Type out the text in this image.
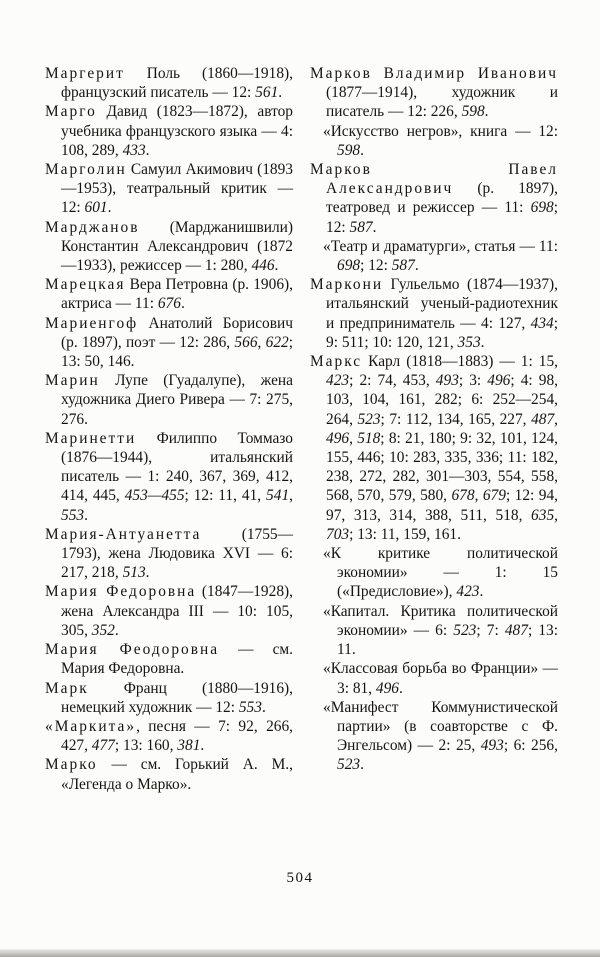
Маргерит Поль (1860—1918), французский писатель — 12: 561.

Марго Давид (1823—1872), автор учебника французского языка — 4: 108, 289, 433.

Марголин Самуил Акимович (1893—1953), театральный критик — 12: 601.

Марджанов (Марджанишвили) Константин Александрович (1872—1933), режиссер — 1: 280, 446.

Марецкая Вера Петровна (р. 1906), актриса — 11: 676.

Мариенгоф Анатолий Борисович (р. 1897), поэт — 12: 286, 566, 622; 13: 50, 146.

Марин Лупе (Гуадалупе), жена художника Диего Ривера — 7: 275, 276.

Маринетти Филиппо Томмазо (1876—1944), итальянский писатель — 1: 240, 367, 369, 412, 414, 445, 453—455; 12: 11, 41, 541, 553.

Мария-Антуанетта (1755—1793), жена Людовика XVI — 6: 217, 218, 513.

Мария Федоровна (1847—1928), жена Александра III — 10: 105, 305, 352.

Мария Феодоровна — см. Мария Федоровна.

Марк Франц (1880—1916), немецкий художник — 12: 553.

«Маркита», песня — 7: 92, 266, 427, 477; 13: 160, 381.

Марко — см. Горький А. М., «Легенда о Марко».

Марков Владимир Иванович (1877—1914), художник и писатель — 12: 226, 598.

«Искусство негров», книга — 12: 598.

Марков Павел Александрович (р. 1897), театровед и режиссер — 11: 698; 12: 587.

«Театр и драматурги», статья — 11: 698; 12: 587.

Маркони Гульельмо (1874—1937), итальянский ученый-радиотехник и предприниматель — 4: 127, 434; 9: 511; 10: 120, 121, 353.

Маркс Карл (1818—1883) — 1: 15, 423; 2: 74, 453, 493; 3: 496; 4: 98, 103, 104, 161, 282; 6: 252—254, 264, 523; 7: 112, 134, 165, 227, 487, 496, 518; 8: 21, 180; 9: 32, 101, 124, 155, 446; 10: 283, 335, 336; 11: 182, 238, 272, 282, 301—303, 554, 558, 568, 570, 579, 580, 678, 679; 12: 94, 97, 313, 314, 388, 511, 518, 635, 703; 13: 11, 159, 161.

«К критике политической экономии» — 1: 15 («Предисловие»), 423.

«Капитал. Критика политической экономии» — 6: 523; 7: 487; 13: 11.

«Классовая борьба во Франции» — 3: 81, 496.

«Манифест Коммунистической партии» (в соавторстве с Ф. Энгельсом) — 2: 25, 493; 6: 256, 523.

504
